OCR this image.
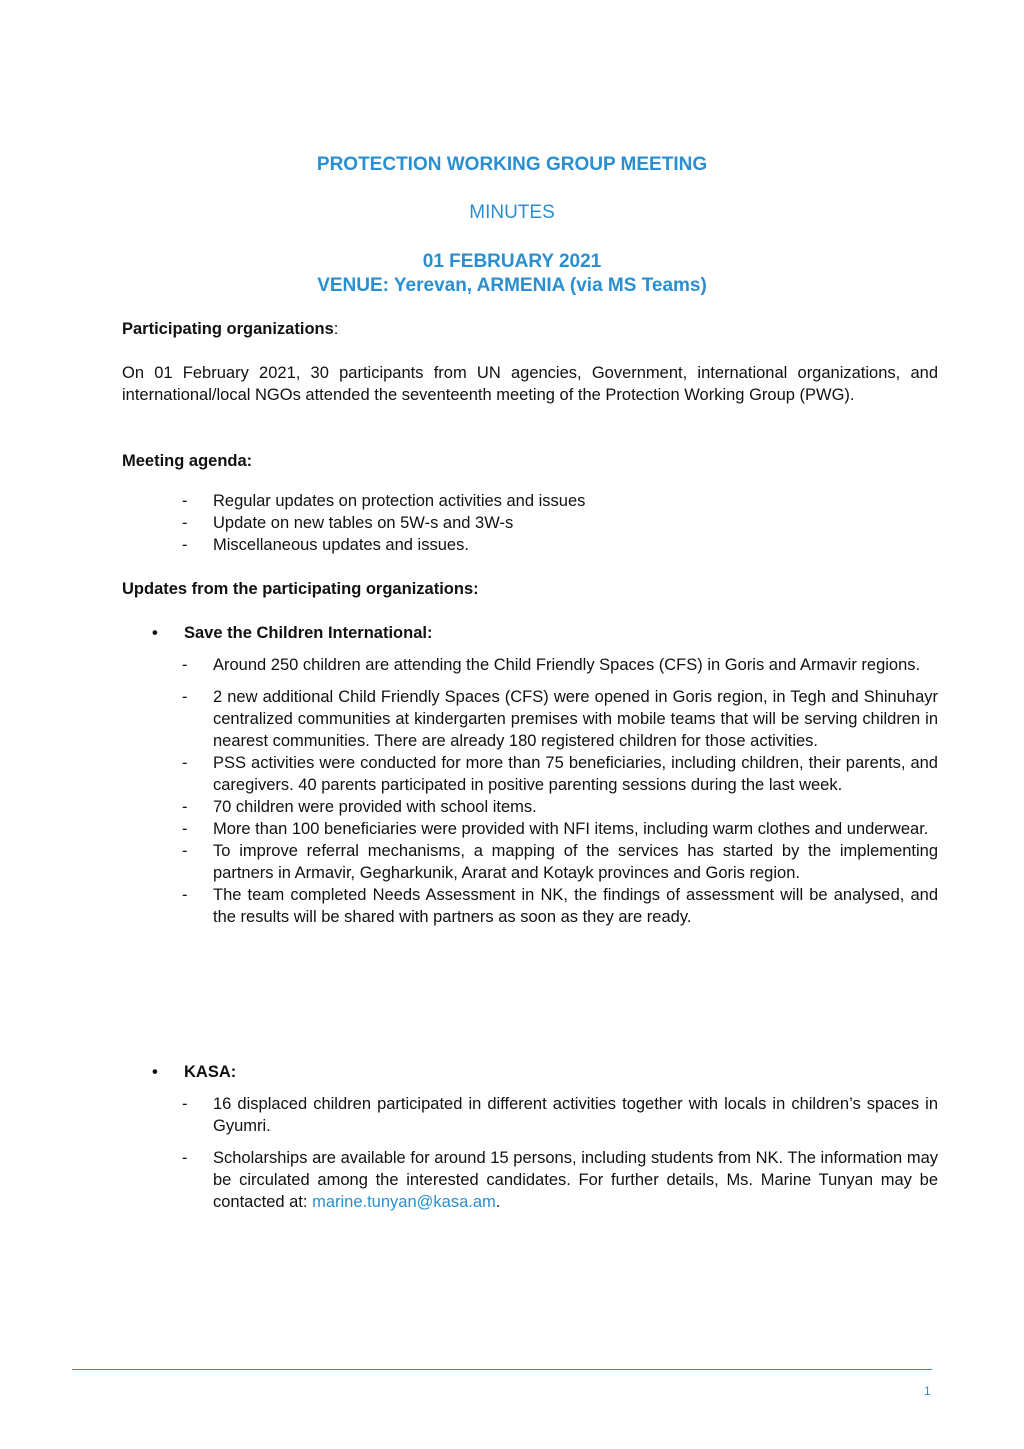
PROTECTION WORKING GROUP MEETING
MINUTES
01 FEBRUARY 2021
VENUE: Yerevan, ARMENIA (via MS Teams)
Participating organizations:
On 01 February 2021, 30 participants from UN agencies, Government, international organizations, and international/local NGOs attended the seventeenth meeting of the Protection Working Group (PWG).
Meeting agenda:
- Regular updates on protection activities and issues
- Update on new tables on 5W-s and 3W-s
- Miscellaneous updates and issues.
Updates from the participating organizations:
• Save the Children International:
- Around 250 children are attending the Child Friendly Spaces (CFS) in Goris and Armavir regions.
- 2 new additional Child Friendly Spaces (CFS) were opened in Goris region, in Tegh and Shinuhayr centralized communities at kindergarten premises with mobile teams that will be serving children in nearest communities. There are already 180 registered children for those activities.
- PSS activities were conducted for more than 75 beneficiaries, including children, their parents, and caregivers. 40 parents participated in positive parenting sessions during the last week.
- 70 children were provided with school items.
- More than 100 beneficiaries were provided with NFI items, including warm clothes and underwear.
- To improve referral mechanisms, a mapping of the services has started by the implementing partners in Armavir, Gegharkunik, Ararat and Kotayk provinces and Goris region.
- The team completed Needs Assessment in NK, the findings of assessment will be analysed, and the results will be shared with partners as soon as they are ready.
• KASA:
- 16 displaced children participated in different activities together with locals in children’s spaces in Gyumri.
- Scholarships are available for around 15 persons, including students from NK. The information may be circulated among the interested candidates. For further details, Ms. Marine Tunyan may be contacted at: marine.tunyan@kasa.am.
1
